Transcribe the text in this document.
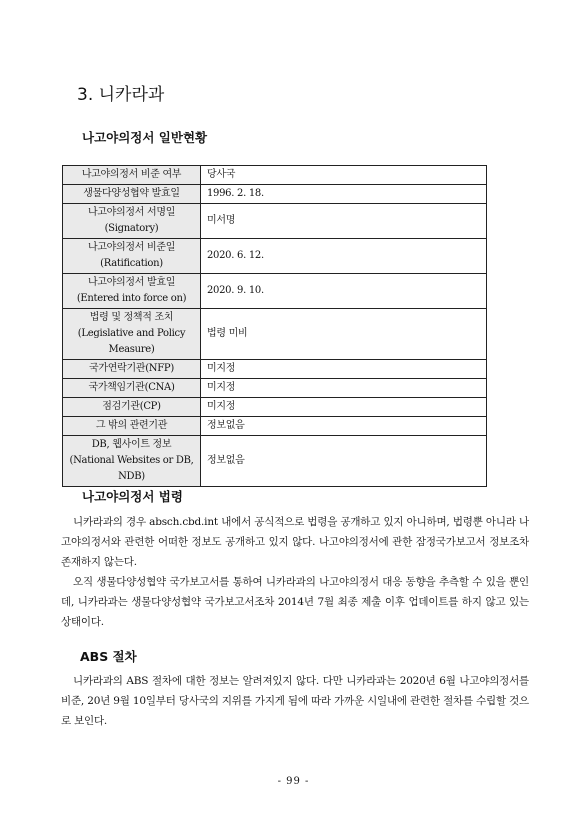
3. 니카라과
나고야의정서 일반현황
나고야의정서 비준 여부	당사국

생물다양성협약 발효일	1996. 2. 18.

나고야의정서 서명일
(Signatory)	미서명

나고야의정서 비준일
(Ratification)	2020. 6. 12.

나고야의정서 발효일
(Entered into force on)	2020. 9. 10.

법령 및 정책적 조치
(Legislative and Policy
Measure)	법령 미비

국가연락기관(NFP)	미지정

국가책임기관(CNA)	미지정

점검기관(CP)	미지정

그 밖의 관련기관	정보없음

DB, 웹사이트 정보
(National Websites or DB, NDB)	정보없음
나고야의정서 법령

니카라과의 경우 absch.cbd.int 내에서 공식적으로 법령을 공개하고 있지 아니하며, 법령뿐 아니라 나고야의정서와 관련한 어떠한 정보도 공개하고 있지 않다. 나고야의정서에 관한 잠정국가보고서 정보조차 존재하지 않는다.

오직 생물다양성협약 국가보고서를 통하여 니카라과의 나고야의정서 대응 동향을 추측할 수 있을 뿐인데, 니카라과는 생물다양성협약 국가보고서조차 2014년 7월 최종 제출 이후 업데이트를 하지 않고 있는 상태이다.

ABS 절차

니카라과의 ABS 절차에 대한 정보는 알려져있지 않다. 다만 니카라과는 2020년 6월 나고야의정서를 비준, 20년 9월 10일부터 당사국의 지위를 가지게 됨에 따라 가까운 시일내에 관련한 절차를 수립할 것으로 보인다.

- 99 -
